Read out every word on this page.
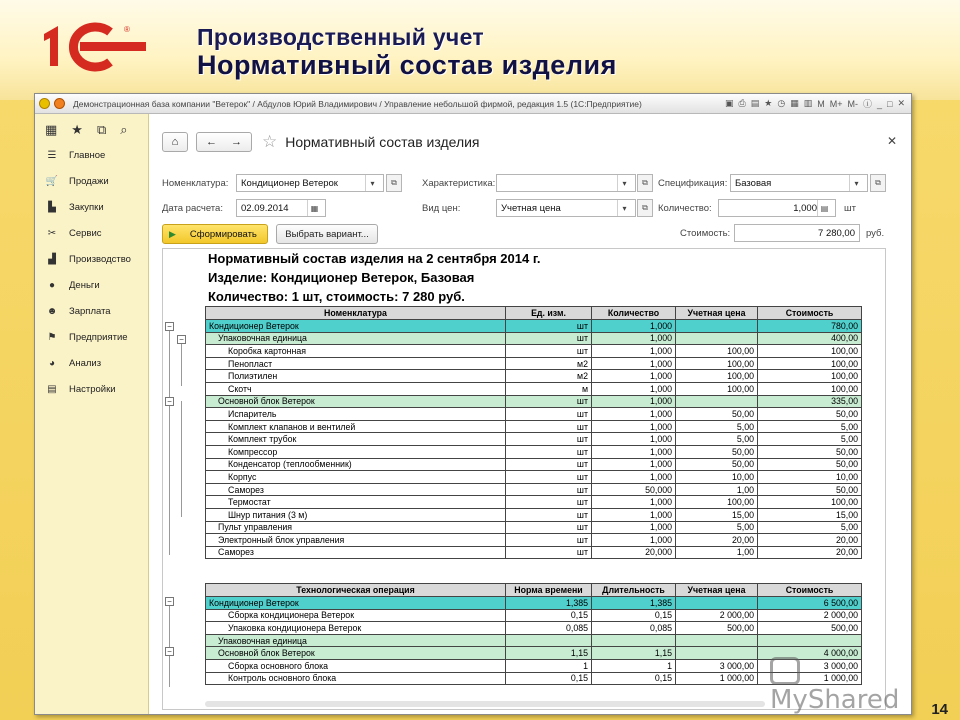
®	Производственный учет
Нормативный состав изделия
Демонстрационная база компании "Ветерок" / Абдулов Юрий Владимирович / Управление небольшой фирмой, редакция 1.5 (1С:Предприятие)	▣ ⎙ ▤ ★ ◷ ▦ ▥ M M+ M- ⓘ _ □ ✕
▦ ★ ⧉ ⌕
☰ Главное
🛒 Продажи
▙	Закупки
✂ Сервис
▟	Производство
●	Деньги
☻ Зарплата
⚑ Предприятие
◕	Анализ
▤ Настройки
⌂	← → ☆ Нормативный состав изделия	✕
Номенклатура: Кондиционер Ветерок	▾	⧉	Характеристика:	▾	⧉	Спецификация: Базовая	▾	⧉
Дата расчета: 02.09.2014	▦	Вид цен:	Учетная цена	▾	⧉	Количество:	1,000 ▤ шт
▶ Сформировать	Выбрать вариант...	Стоимость:	7 280,00 руб.
Нормативный состав изделия на 2 сентября 2014 г.
Изделие: Кондиционер Ветерок, Базовая
Количество: 1 шт, стоимость: 7 280 руб.
Номенклатура	Ед. изм.	Количество	Учетная цена	Стоимость
Кондиционер Ветерок	шт	1,000		780,00
Упаковочная единица	шт	1,000		400,00
Коробка картонная	шт	1,000	100,00	100,00
Пенопласт	м2	1,000	100,00	100,00
Полиэтилен	м2	1,000	100,00	100,00
Скотч	м	1,000	100,00	100,00
Основной блок Ветерок	шт	1,000		335,00
Испаритель	шт	1,000	50,00	50,00
Комплект клапанов и вентилей	шт	1,000	5,00	5,00
Комплект трубок	шт	1,000	5,00	5,00
Компрессор	шт	1,000	50,00	50,00
Конденсатор (теплообменник)	шт	1,000	50,00	50,00
Корпус	шт	1,000	10,00	10,00
Саморез	шт	50,000	1,00	50,00
Термостат	шт	1,000	100,00	100,00
Шнур питания (3 м)	шт	1,000	15,00	15,00
Пульт управления	шт	1,000	5,00	5,00
Электронный блок управления	шт	1,000	20,00	20,00
Саморез	шт	20,000	1,00	20,00
Технологическая операция	Норма времени	Длительность	Учетная цена	Стоимость
Кондиционер Ветерок	1,385	1,385		6 500,00
Сборка кондиционера Ветерок	0,15	0,15	2 000,00	2 000,00
Упаковка кондиционера Ветерок	0,085	0,085	500,00	500,00
Упаковочная единица				
Основной блок Ветерок	1,15	1,15		4 000,00
Сборка основного блока	1	1	3 000,00	3 000,00
Контроль основного блока	0,15	0,15	1 000,00	1 000,00
−
−
−
−
−
MyShared	14
